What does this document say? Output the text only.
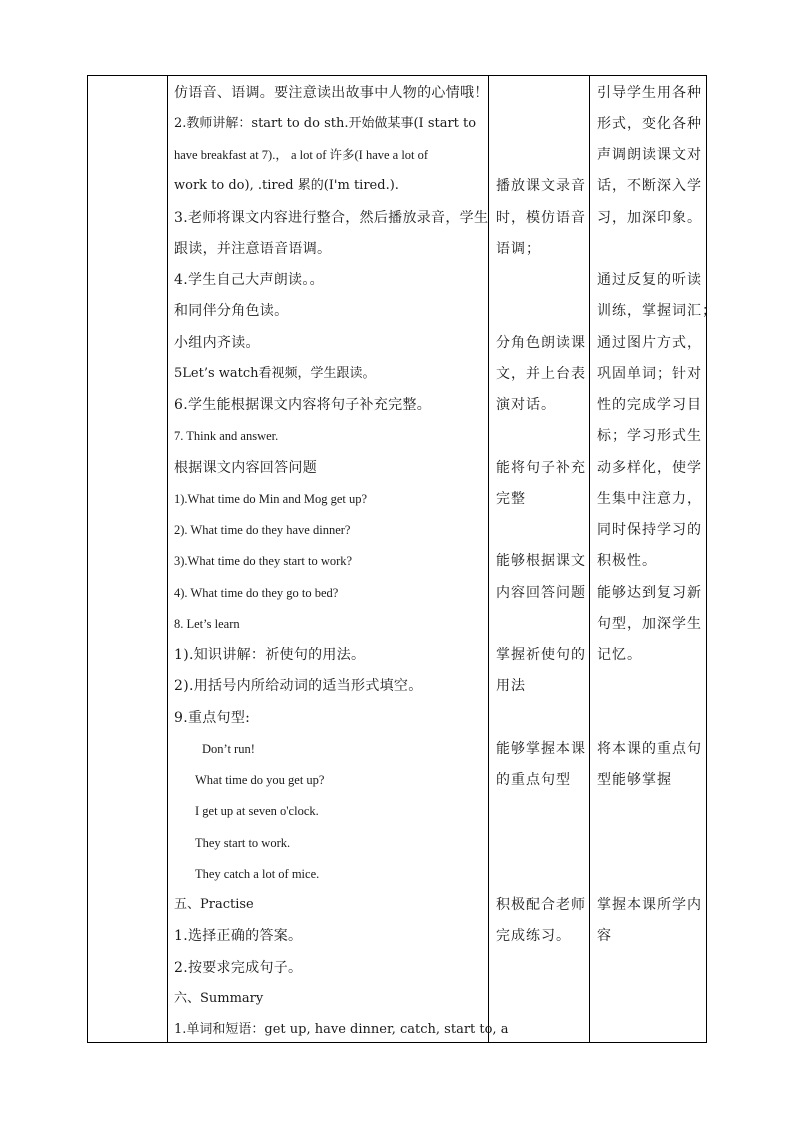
仿语音、语调。要注意读出故事中人物的心情哦！
2.教师讲解：start to do sth.开始做某事(I start to
have breakfast at 7).， a lot of 许多(I have a lot of
work to do), .tired 累的(I'm tired.).
3.老师将课文内容进行整合，然后播放录音，学生
跟读，并注意语音语调。
4.学生自己大声朗读。。
和同伴分角色读。
小组内齐读。
5Let’s watch看视频，学生跟读。
6.学生能根据课文内容将句子补充完整。
7. Think and answer.
根据课文内容回答问题
1).What time do Min and Mog get up?
2). What time do they have dinner?
3).What time do they start to work?
4). What time do they go to bed?
8. Let’s learn
1).知识讲解：祈使句的用法。
2).用括号内所给动词的适当形式填空。
9.重点句型:
Don’t run!
What time do you get up?
I get up at seven o'clock.
They start to work.
They catch a lot of mice.
五、Practise
1.选择正确的答案。
2.按要求完成句子。
六、Summary
1.单词和短语：get up, have dinner, catch, start to, a
播放课文录音
时，模仿语音
语调；
分角色朗读课
文，并上台表
演对话。
能将句子补充
完整
能够根据课文
内容回答问题
掌握祈使句的
用法
能够掌握本课
的重点句型
积极配合老师
完成练习。
引导学生用各种
形式，变化各种
声调朗读课文对
话，不断深入学
习，加深印象。
通过反复的听读
训练，掌握词汇；
通过图片方式，
巩固单词；针对
性的完成学习目
标；学习形式生
动多样化，使学
生集中注意力，
同时保持学习的
积极性。
能够达到复习新
句型，加深学生
记忆。
将本课的重点句
型能够掌握
掌握本课所学内
容
